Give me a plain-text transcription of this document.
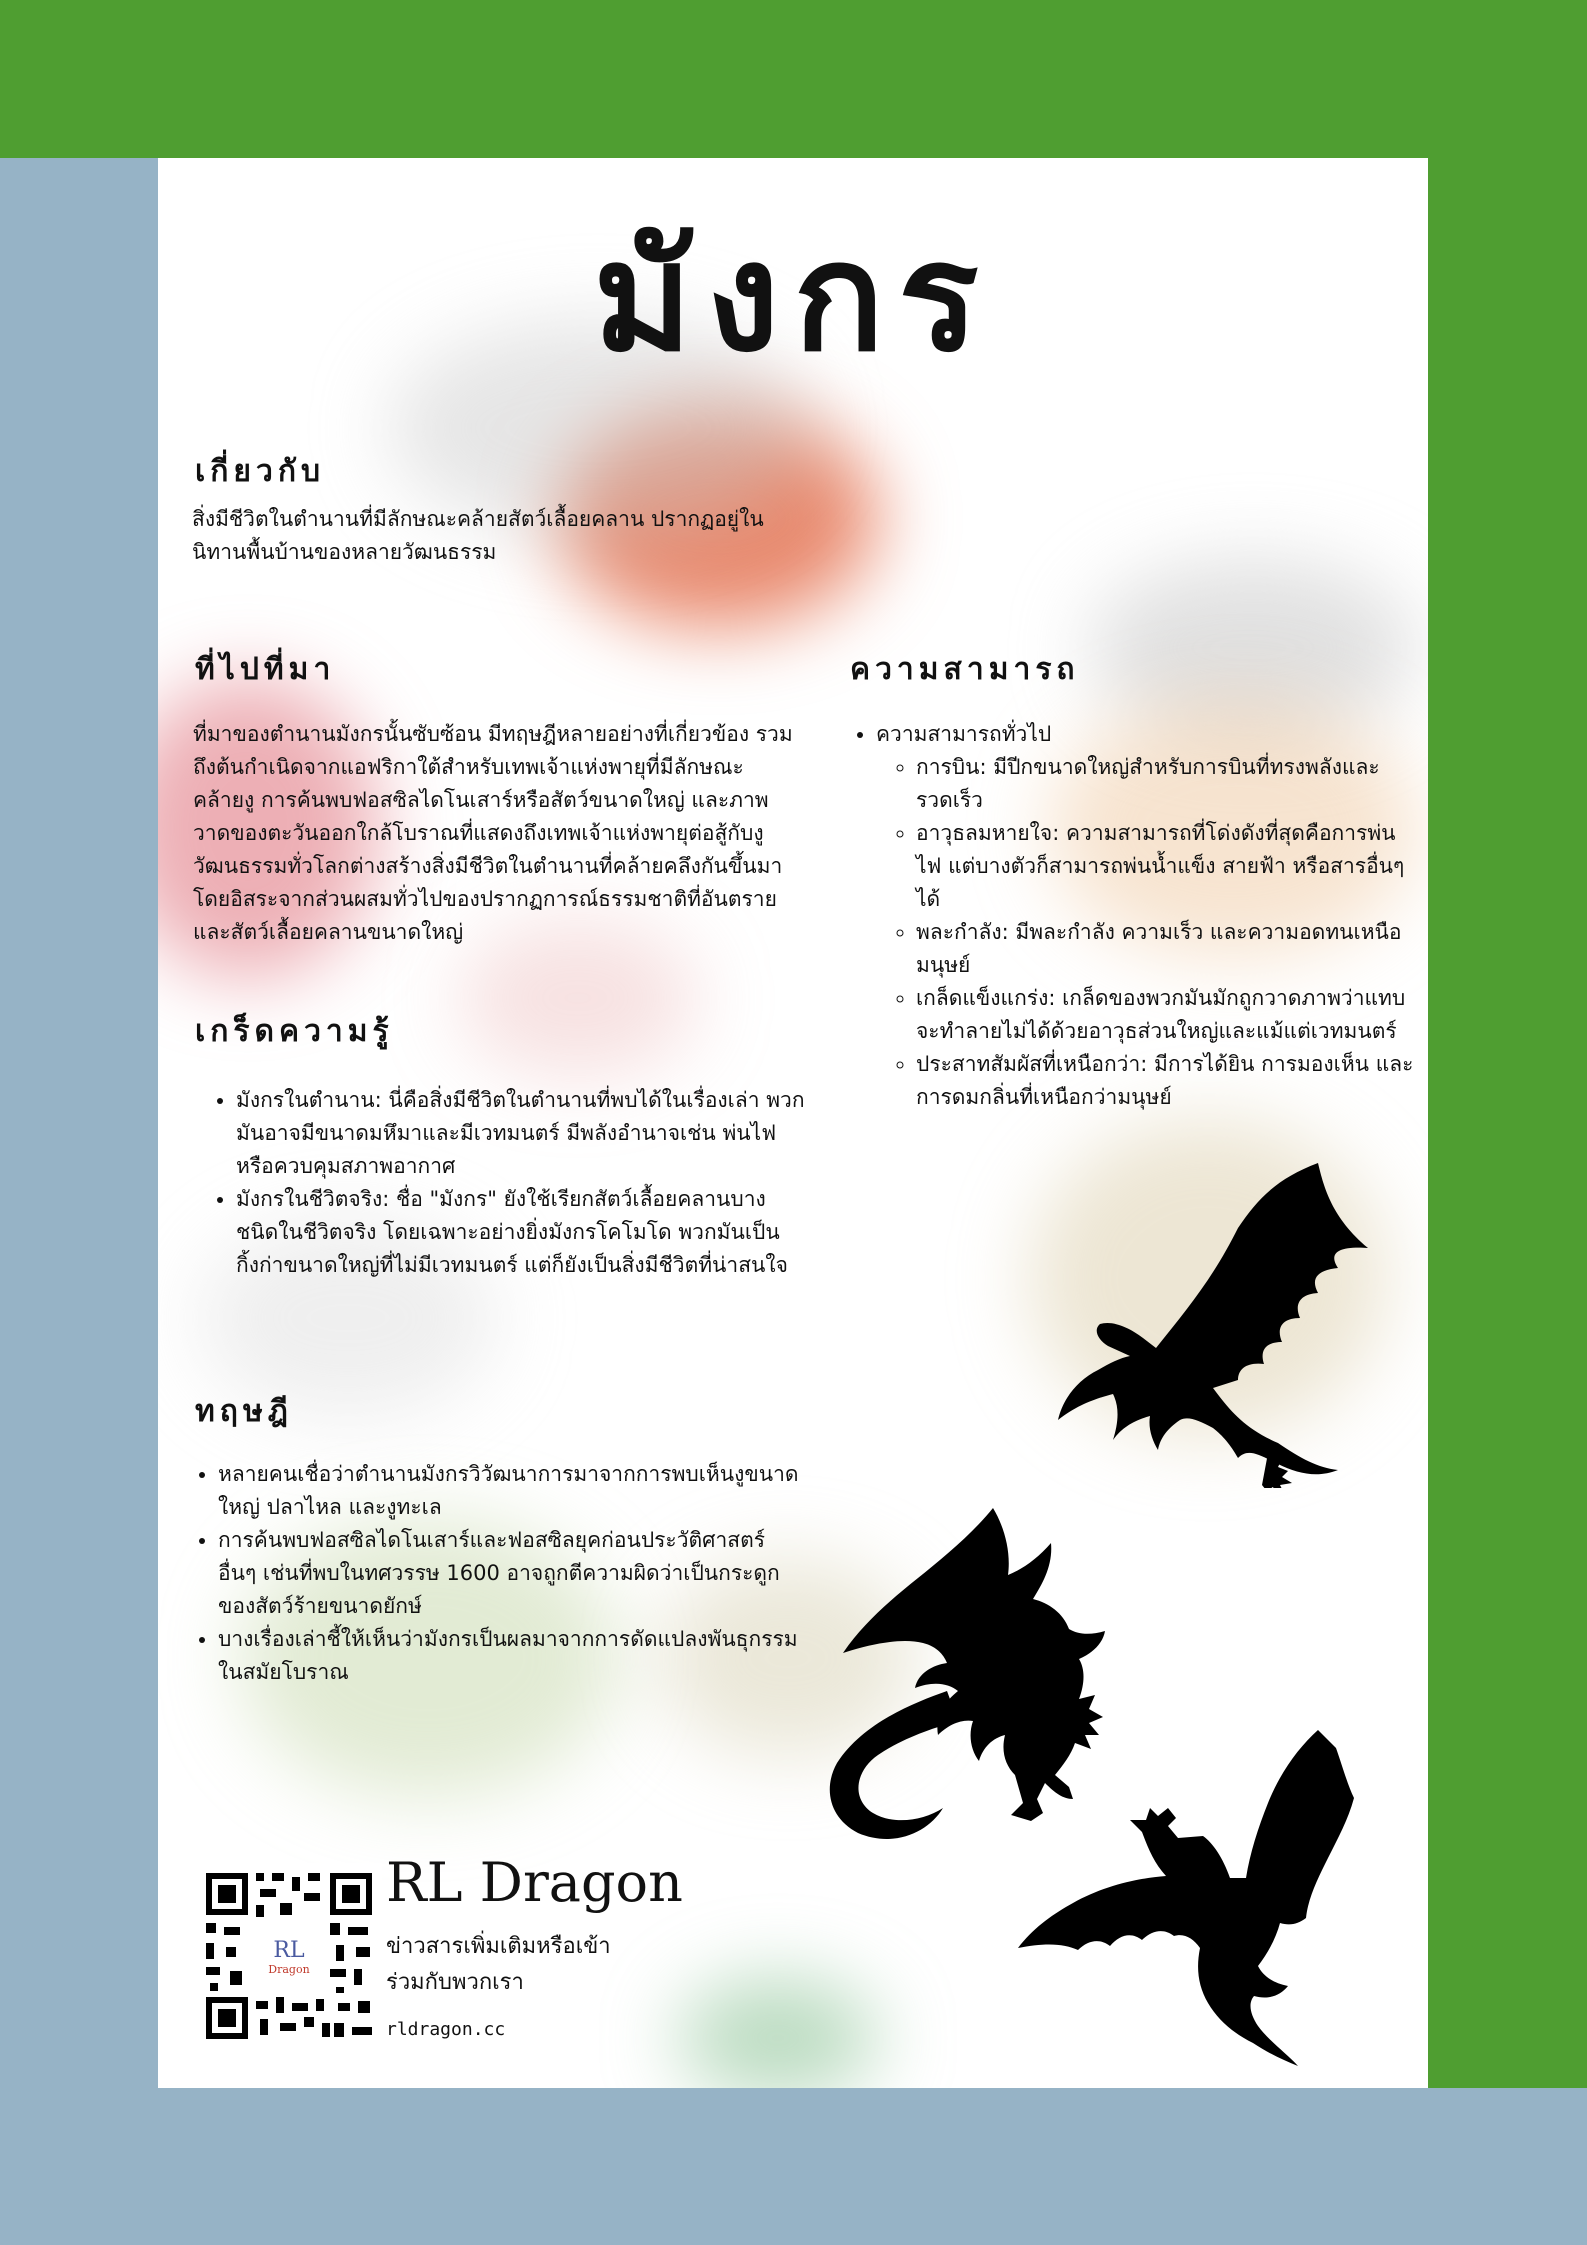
มังกร
เกี่ยวกับ

สิ่งมีชีวิตในตำนานที่มีลักษณะคล้ายสัตว์เลื้อยคลาน ปรากฏอยู่ในนิทานพื้นบ้านของหลายวัฒนธรรม

ที่ไปที่มา

ที่มาของตำนานมังกรนั้นซับซ้อน มีทฤษฎีหลายอย่างที่เกี่ยวข้อง รวมถึงต้นกำเนิดจากแอฟริกาใต้สำหรับเทพเจ้าแห่งพายุที่มีลักษณะคล้ายงู การค้นพบฟอสซิลไดโนเสาร์หรือสัตว์ขนาดใหญ่ และภาพวาดของตะวันออกใกล้โบราณที่แสดงถึงเทพเจ้าแห่งพายุต่อสู้กับงู วัฒนธรรมทั่วโลกต่างสร้างสิ่งมีชีวิตในตำนานที่คล้ายคลึงกันขึ้นมาโดยอิสระจากส่วนผสมทั่วไปของปรากฏการณ์ธรรมชาติที่อันตรายและสัตว์เลื้อยคลานขนาดใหญ่

เกร็ดความรู้
• มังกรในตำนาน: นี่คือสิ่งมีชีวิตในตำนานที่พบได้ในเรื่องเล่า พวกมันอาจมีขนาดมหึมาและมีเวทมนตร์ มีพลังอำนาจเช่น พ่นไฟหรือควบคุมสภาพอากาศ
• มังกรในชีวิตจริง: ชื่อ "มังกร" ยังใช้เรียกสัตว์เลื้อยคลานบางชนิดในชีวิตจริง โดยเฉพาะอย่างยิ่งมังกรโคโมโด พวกมันเป็นกิ้งก่าขนาดใหญ่ที่ไม่มีเวทมนตร์ แต่ก็ยังเป็นสิ่งมีชีวิตที่น่าสนใจ
ทฤษฎี
• หลายคนเชื่อว่าตำนานมังกรวิวัฒนาการมาจากการพบเห็นงูขนาดใหญ่ ปลาไหล และงูทะเล
• การค้นพบฟอสซิลไดโนเสาร์และฟอสซิลยุคก่อนประวัติศาสตร์อื่นๆ เช่นที่พบในทศวรรษ 1600 อาจถูกตีความผิดว่าเป็นกระดูกของสัตว์ร้ายขนาดยักษ์
• บางเรื่องเล่าชี้ให้เห็นว่ามังกรเป็นผลมาจากการดัดแปลงพันธุกรรมในสมัยโบราณ
ความสามารถ
• ความสามารถทั่วไป
◦ การบิน: มีปีกขนาดใหญ่สำหรับการบินที่ทรงพลังและรวดเร็ว
◦ อาวุธลมหายใจ: ความสามารถที่โด่งดังที่สุดคือการพ่นไฟ แต่บางตัวก็สามารถพ่นน้ำแข็ง สายฟ้า หรือสารอื่นๆ ได้
◦ พละกำลัง: มีพละกำลัง ความเร็ว และความอดทนเหนือมนุษย์
◦ เกล็ดแข็งแกร่ง: เกล็ดของพวกมันมักถูกวาดภาพว่าแทบจะทำลายไม่ได้ด้วยอาวุธส่วนใหญ่และแม้แต่เวทมนตร์
◦ ประสาทสัมผัสที่เหนือกว่า: มีการได้ยิน การมองเห็น และการดมกลิ่นที่เหนือกว่ามนุษย์
RL
Dragon
RL Dragon
ข่าวสารเพิ่มเติมหรือเข้าร่วมกับพวกเรา
rldragon.cc
